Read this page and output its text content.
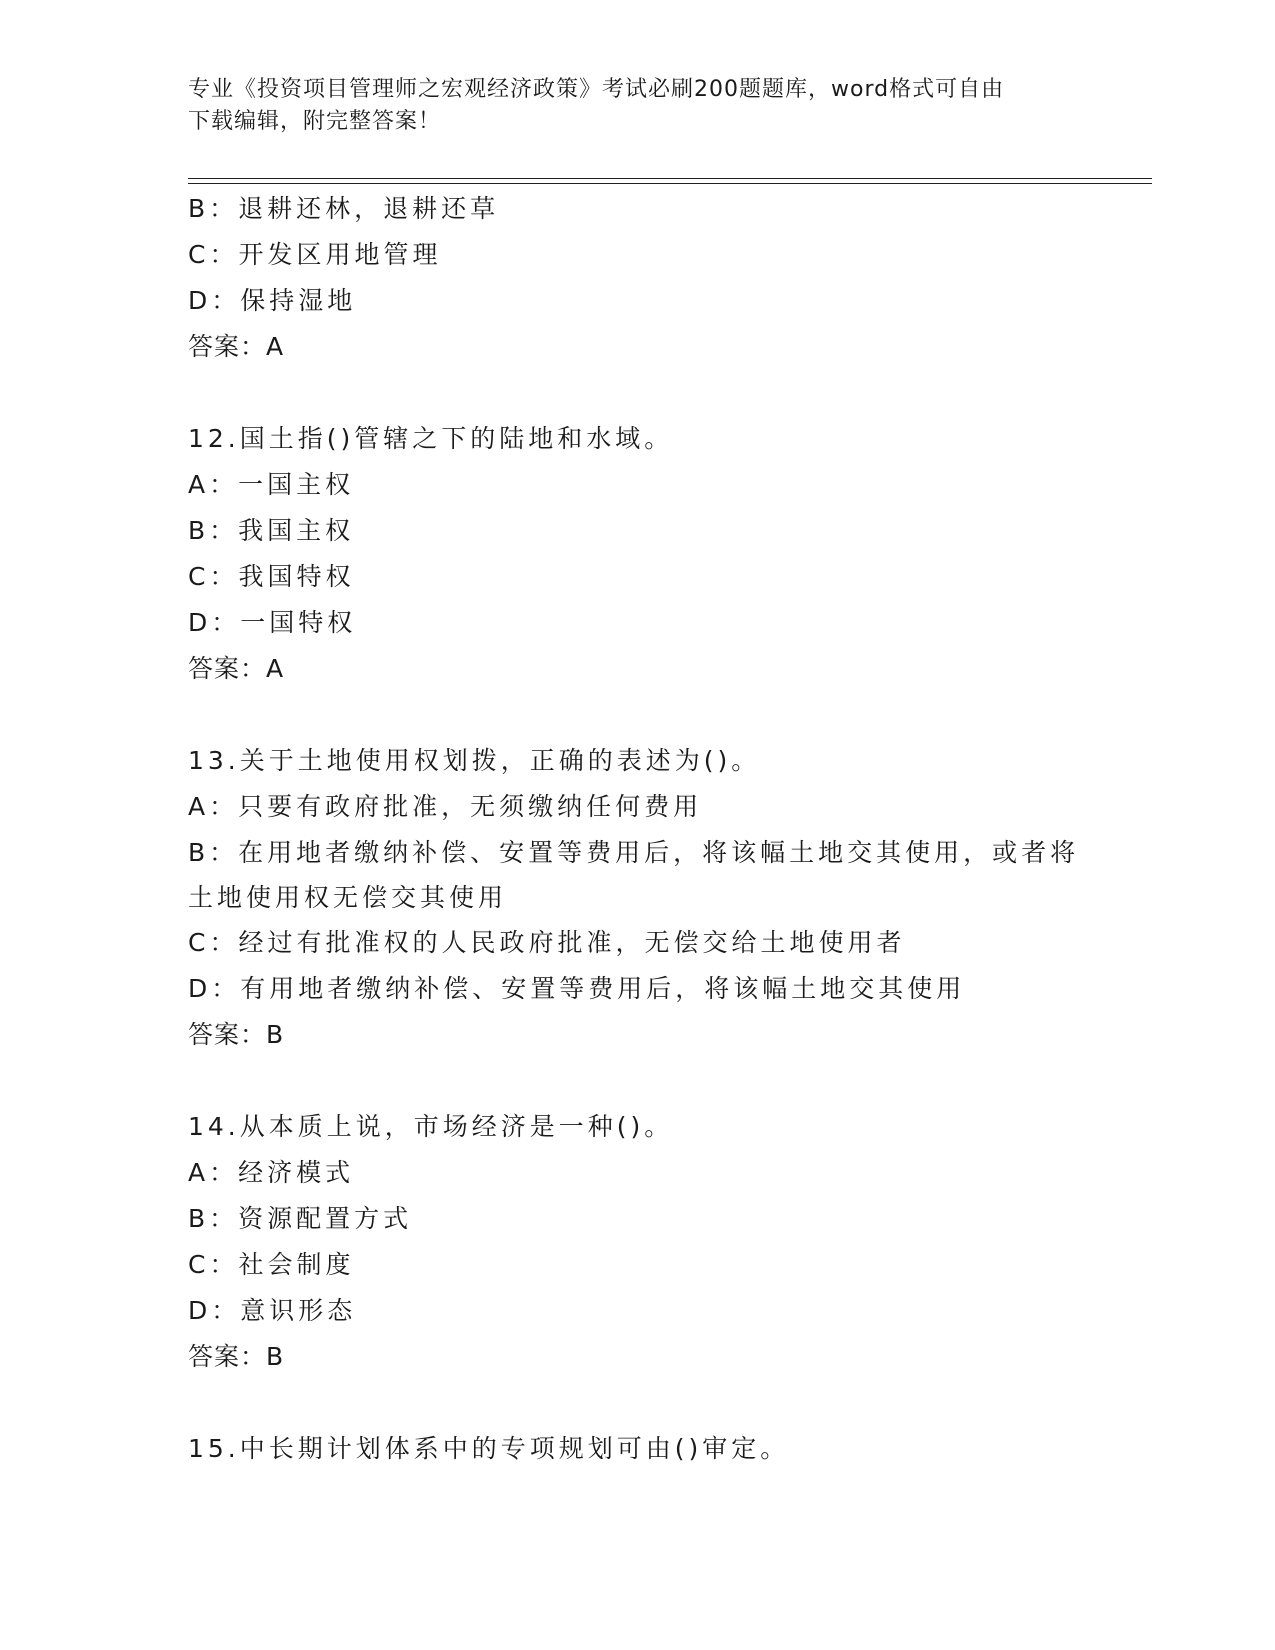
专业《投资项目管理师之宏观经济政策》考试必刷200题题库，word格式可自由
下载编辑，附完整答案！
B：退耕还林，退耕还草
C：开发区用地管理
D：保持湿地
答案：A
12.国土指()管辖之下的陆地和水域。
A：一国主权
B：我国主权
C：我国特权
D：一国特权
答案：A
13.关于土地使用权划拨，正确的表述为()。
A：只要有政府批准，无须缴纳任何费用
B：在用地者缴纳补偿、安置等费用后，将该幅土地交其使用，或者将
土地使用权无偿交其使用
C：经过有批准权的人民政府批准，无偿交给土地使用者
D：有用地者缴纳补偿、安置等费用后，将该幅土地交其使用
答案：B
14.从本质上说，市场经济是一种()。
A：经济模式
B：资源配置方式
C：社会制度
D：意识形态
答案：B
15.中长期计划体系中的专项规划可由()审定。
